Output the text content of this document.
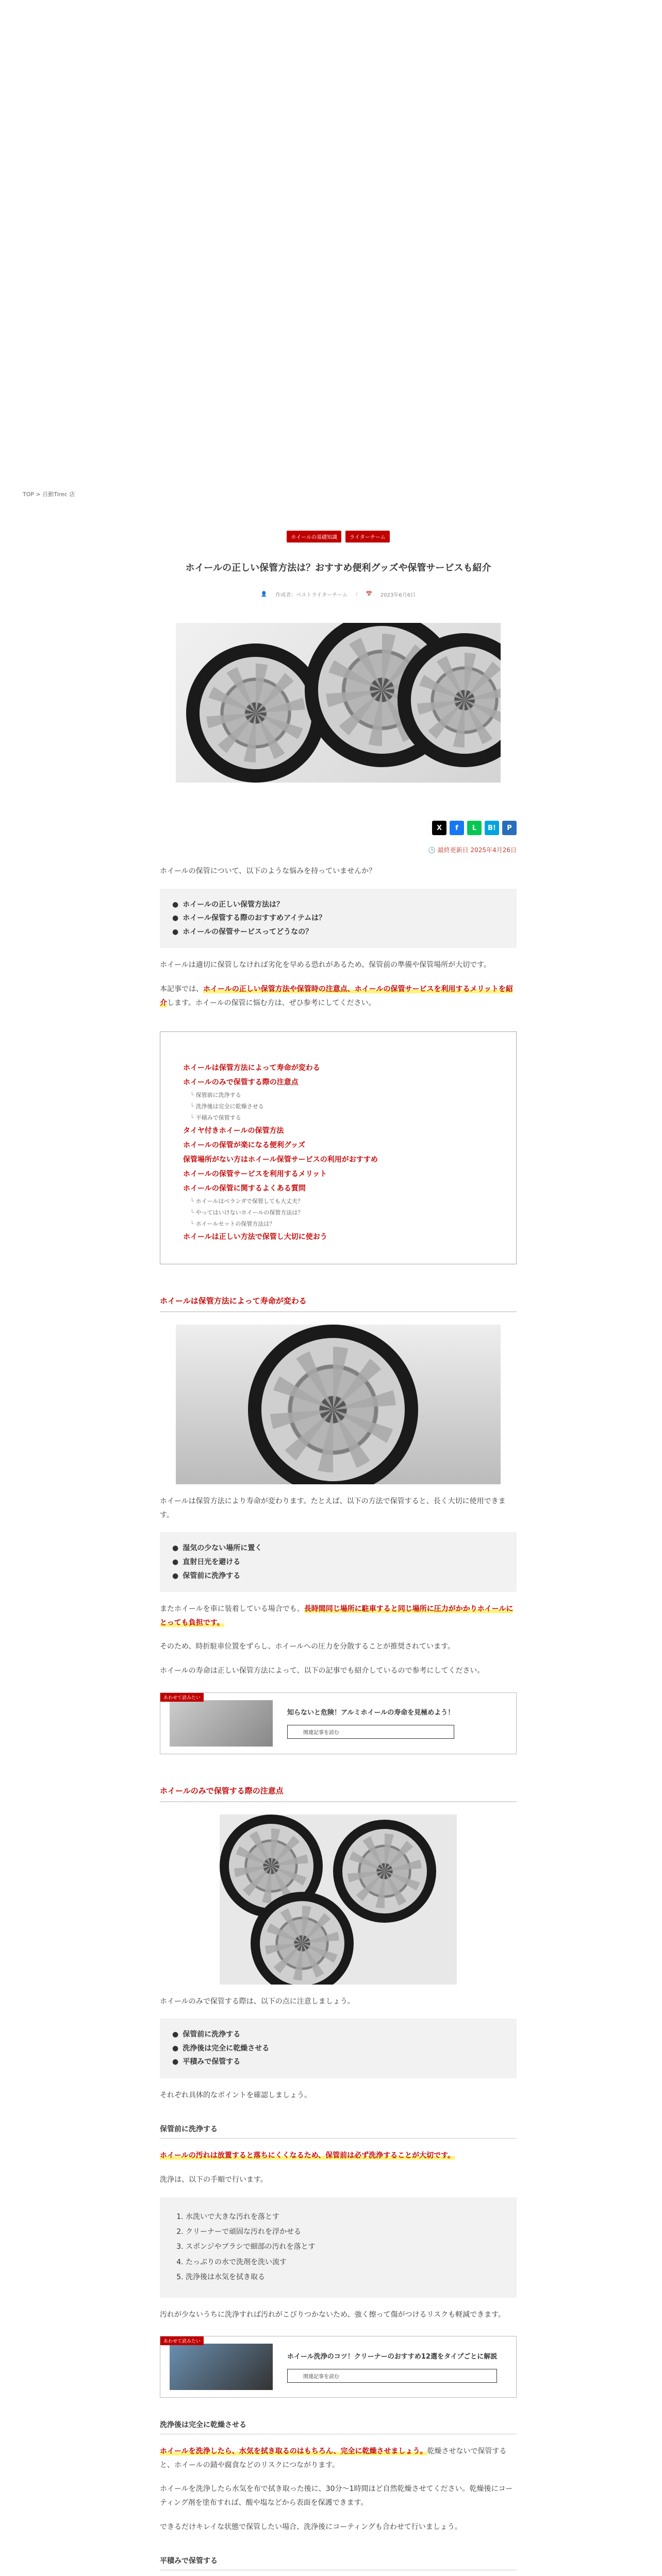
TOP > 自動Tirec 店
ホイールの基礎知識	ライターチーム
ホイールの正しい保管方法は？おすすめ便利グッズや保管サービスも紹介
👤 作成者：ベストライターチーム / 📅 2023年6月6日
X f L B! P
🕒 最終更新日 2025年4月26日

ホイールの保管について、以下のような悩みを持っていませんか？

● ホイールの正しい保管方法は？
● ホイール保管する際のおすすめアイテムは？
● ホイールの保管サービスってどうなの？

ホイールは適切に保管しなければ劣化を早める恐れがあるため、保管前の準備や保管場所が大切です。

本記事では、ホイールの正しい保管方法や保管時の注意点、ホイールの保管サービスを利用するメリットを紹介します。ホイールの保管に悩む方は、ぜひ参考にしてください。

ホイールは保管方法によって寿命が変わる
ホイールのみで保管する際の注意点
└ 保管前に洗浄する
└ 洗浄後は完全に乾燥させる
└ 平積みで保管する
タイヤ付きホイールの保管方法
ホイールの保管が楽になる便利グッズ
保管場所がない方はホイール保管サービスの利用がおすすめ
ホイールの保管サービスを利用するメリット
ホイールの保管に関するよくある質問
└ ホイールはベランダで保管しても大丈夫？
└ やってはいけないホイールの保管方法は？
└ ホイールセットの保管方法は？
ホイールは正しい方法で保管し大切に使おう
ホイールは保管方法によって寿命が変わる

ホイールは保管方法により寿命が変わります。たとえば、以下の方法で保管すると、長く大切に使用できます。

● 湿気の少ない場所に置く
● 直射日光を避ける
● 保管前に洗浄する

またホイールを車に装着している場合でも、長時間同じ場所に駐車すると同じ場所に圧力がかかりホイールにとっても負担です。

そのため、時折駐車位置をずらし、ホイールへの圧力を分散することが推奨されています。

ホイールの寿命は正しい保管方法によって、以下の記事でも紹介しているので参考にしてください。

あわせて読みたい
知らないと危険！アルミホイールの寿命を見極めよう！
関連記事を読む
ホイールのみで保管する際の注意点

ホイールのみで保管する際は、以下の点に注意しましょう。

● 保管前に洗浄する
● 洗浄後は完全に乾燥させる
● 平積みで保管する

それぞれ具体的なポイントを確認しましょう。

保管前に洗浄する

ホイールの汚れは放置すると落ちにくくなるため、保管前は必ず洗浄することが大切です。

洗浄は、以下の手順で行います。

1. 水洗いで大きな汚れを落とす
2. クリーナーで頑固な汚れを浮かせる
3. スポンジやブラシで細部の汚れを落とす
4. たっぷりの水で洗剤を洗い流す
5. 洗浄後は水気を拭き取る

汚れが少ないうちに洗浄すれば汚れがこびりつかないため、強く擦って傷がつけるリスクも軽減できます。

あわせて読みたい
ホイール洗浄のコツ！クリーナーのおすすめ12選をタイプごとに解説
関連記事を読む
洗浄後は完全に乾燥させる

ホイールを洗浄したら、水気を拭き取るのはもちろん、完全に乾燥させましょう。乾燥させないで保管すると、ホイールの錆や腐食などのリスクにつながります。

ホイールを洗浄したら水気を布で拭き取った後に、30分〜1時間ほど自然乾燥させてください。乾燥後にコーティング剤を塗布すれば、酸や塩などから表面を保護できます。

できるだけキレイな状態で保管したい場合、洗浄後にコーティングも合わせて行いましょう。

平積みで保管する
